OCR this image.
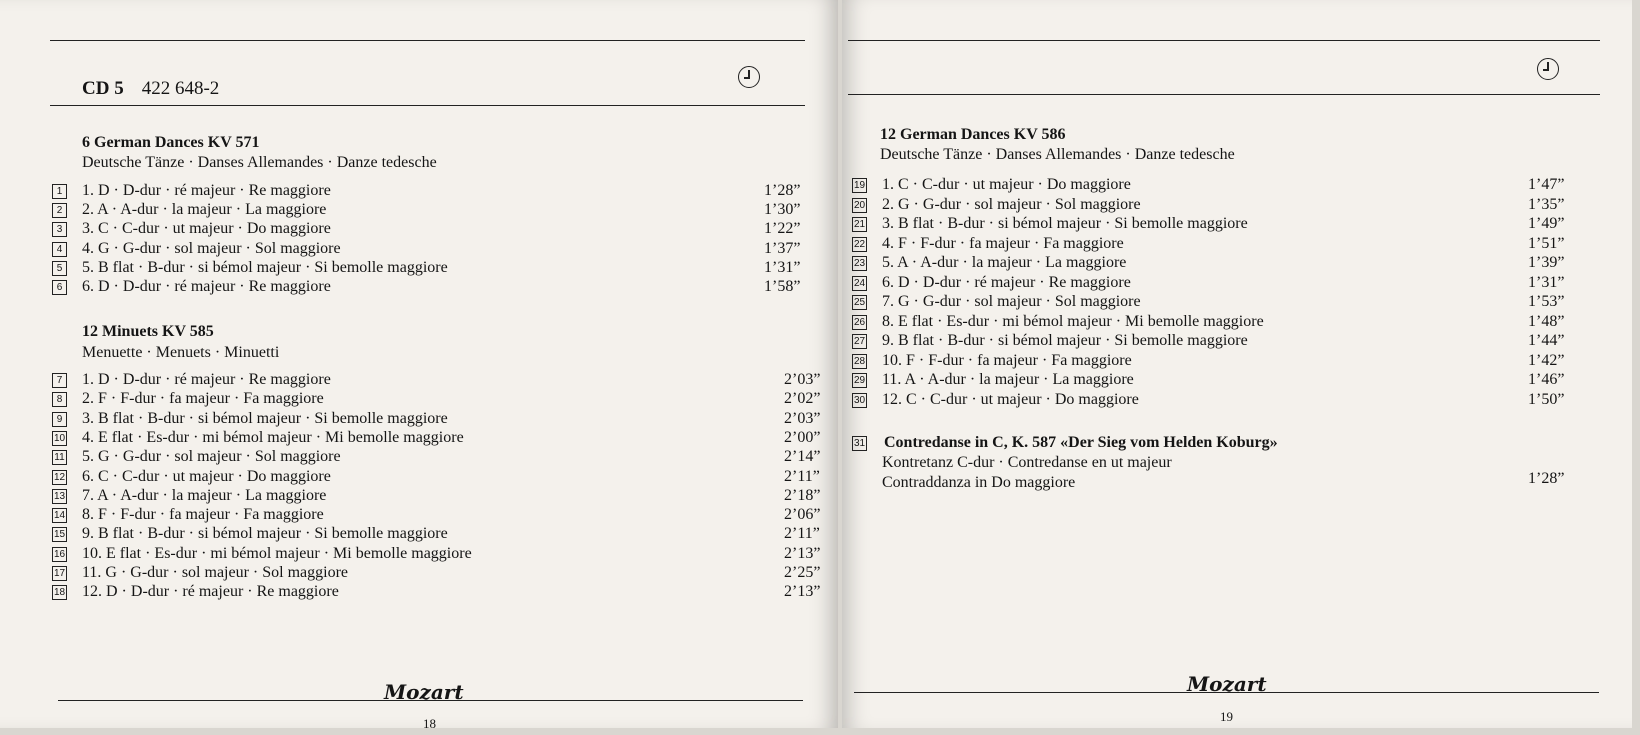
CD 5 422 648-2
6 German Dances KV 571
Deutsche Tänze · Danses Allemandes · Danze tedesche
1 1. D · D-dur · ré majeur · Re maggiore	1’28”
2 2. A · A-dur · la majeur · La maggiore	1’30”
3 3. C · C-dur · ut majeur · Do maggiore	1’22”
4 4. G · G-dur · sol majeur · Sol maggiore	1’37”
5 5. B flat · B-dur · si bémol majeur · Si bemolle maggiore	1’31”
6 6. D · D-dur · ré majeur · Re maggiore	1’58”
12 Minuets KV 585
Menuette · Menuets · Minuetti
7 1. D · D-dur · ré majeur · Re maggiore	2’03”
8 2. F · F-dur · fa majeur · Fa maggiore	2’02”
9 3. B flat · B-dur · si bémol majeur · Si bemolle maggiore	2’03”
10 4. E flat · Es-dur · mi bémol majeur · Mi bemolle maggiore	2’00”
11 5. G · G-dur · sol majeur · Sol maggiore	2’14”
12 6. C · C-dur · ut majeur · Do maggiore	2’11”
13 7. A · A-dur · la majeur · La maggiore	2’18”
14 8. F · F-dur · fa majeur · Fa maggiore	2’06”
15 9. B flat · B-dur · si bémol majeur · Si bemolle maggiore	2’11”
16 10. E flat · Es-dur · mi bémol majeur · Mi bemolle maggiore	2’13”
17 11. G · G-dur · sol majeur · Sol maggiore	2’25”
18 12. D · D-dur · ré majeur · Re maggiore	2’13”
Mozart
18
12 German Dances KV 586
Deutsche Tänze · Danses Allemandes · Danze tedesche
19 1. C · C-dur · ut majeur · Do maggiore	1’47”
20 2. G · G-dur · sol majeur · Sol maggiore	1’35”
21 3. B flat · B-dur · si bémol majeur · Si bemolle maggiore	1’49”
22 4. F · F-dur · fa majeur · Fa maggiore	1’51”
23 5. A · A-dur · la majeur · La maggiore	1’39”
24 6. D · D-dur · ré majeur · Re maggiore	1’31”
25 7. G · G-dur · sol majeur · Sol maggiore	1’53”
26 8. E flat · Es-dur · mi bémol majeur · Mi bemolle maggiore	1’48”
27 9. B flat · B-dur · si bémol majeur · Si bemolle maggiore	1’44”
28 10. F · F-dur · fa majeur · Fa maggiore	1’42”
29 11. A · A-dur · la majeur · La maggiore	1’46”
30 12. C · C-dur · ut majeur · Do maggiore	1’50”
31 Contredanse in C, K. 587 «Der Sieg vom Helden Koburg»
Kontretanz C-dur · Contredanse en ut majeur
Contraddanza in Do maggiore	1’28”
Mozart
19
